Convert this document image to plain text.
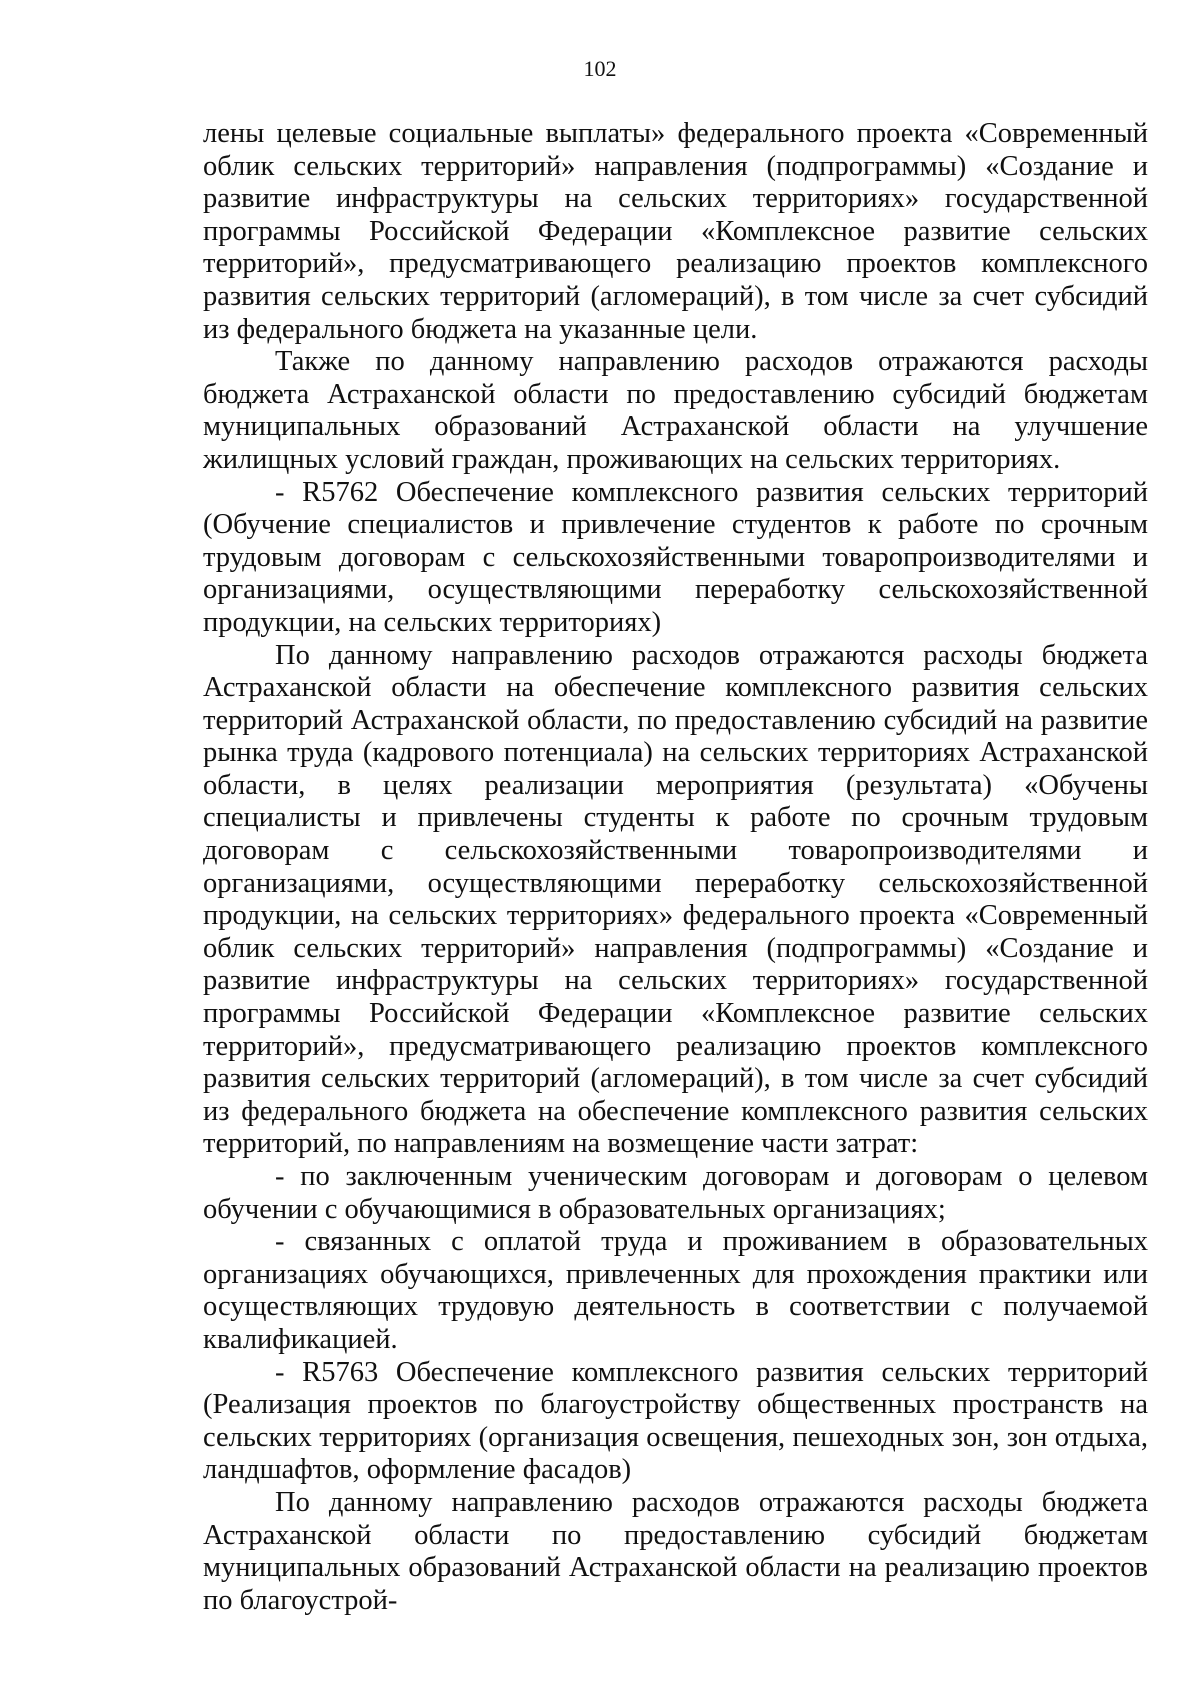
102

лены целевые социальные выплаты» федерального проекта «Современный облик сельских территорий» направления (подпрограммы) «Создание и развитие инфраструктуры на сельских территориях» государственной программы Российской Федерации «Комплексное развитие сельских территорий», предусматривающего реализацию проектов комплексного развития сельских территорий (агломераций), в том числе за счет субсидий из федерального бюджета на указанные цели.

Также по данному направлению расходов отражаются расходы бюджета Астраханской области по предоставлению субсидий бюджетам муниципальных образований Астраханской области на улучшение жилищных условий граждан, проживающих на сельских территориях.

- R5762 Обеспечение комплексного развития сельских территорий (Обучение специалистов и привлечение студентов к работе по срочным трудовым договорам с сельскохозяйственными товаропроизводителями и организациями, осуществляющими переработку сельскохозяйственной продукции, на сельских территориях)

По данному направлению расходов отражаются расходы бюджета Астраханской области на обеспечение комплексного развития сельских территорий Астраханской области, по предоставлению субсидий на развитие рынка труда (кадрового потенциала) на сельских территориях Астраханской области, в целях реализации мероприятия (результата) «Обучены специалисты и привлечены студенты к работе по срочным трудовым договорам с сельскохозяйственными товаропроизводителями и организациями, осуществляющими переработку сельскохозяйственной продукции, на сельских территориях» федерального проекта «Современный облик сельских территорий» направления (подпрограммы) «Создание и развитие инфраструктуры на сельских территориях» государственной программы Российской Федерации «Комплексное развитие сельских территорий», предусматривающего реализацию проектов комплексного развития сельских территорий (агломераций), в том числе за счет субсидий из федерального бюджета на обеспечение комплексного развития сельских территорий, по направлениям на возмещение части затрат:

- по заключенным ученическим договорам и договорам о целевом обучении с обучающимися в образовательных организациях;

- связанных с оплатой труда и проживанием в образовательных организациях обучающихся, привлеченных для прохождения практики или осуществляющих трудовую деятельность в соответствии с получаемой квалификацией.

- R5763 Обеспечение комплексного развития сельских территорий (Реализация проектов по благоустройству общественных пространств на сельских территориях (организация освещения, пешеходных зон, зон отдыха, ландшафтов, оформление фасадов)

По данному направлению расходов отражаются расходы бюджета Астраханской области по предоставлению субсидий бюджетам муниципальных образований Астраханской области на реализацию проектов по благоустрой-
